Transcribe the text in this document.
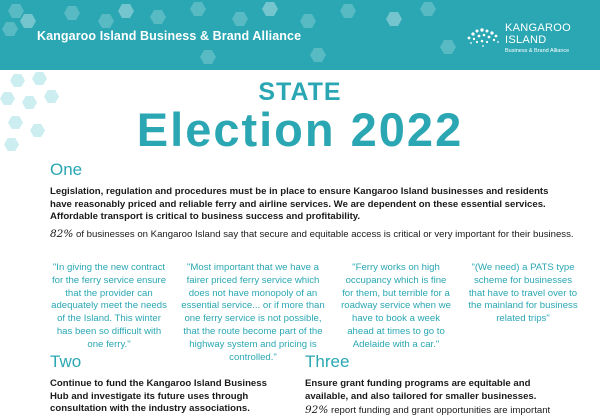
Kangaroo Island Business & Brand Alliance
KANGAROO
ISLAND
Business & Brand Alliance
STATE
Election 2022
One
Legislation, regulation and procedures must be in place to ensure Kangaroo Island businesses and residents have reasonably priced and reliable ferry and airline services. We are dependent on these essential services. Affordable transport is critical to business success and profitability.
82% of businesses on Kangaroo Island say that secure and equitable access is critical or very important for their business.
"In giving the new contract for the ferry service ensure that the provider can adequately meet the needs of the Island. This winter has been so difficult with one ferry."
"Most important that we have a fairer priced ferry service which does not have monopoly of an essential service... or if more than one ferry service is not possible, that the route become part of the highway system and pricing is controlled."
"Ferry works on high occupancy which is fine for them, but terrible for a roadway service when we have to book a week ahead at times to go to Adelaide with a car."
"(We need) a PATS type scheme for businesses that have to travel over to the mainland for business related trips"
Two
Continue to fund the Kangaroo Island Business Hub and investigate its future uses through consultation with the industry associations.
Three
Ensure grant funding programs are equitable and available, and also tailored for smaller businesses.
92% report funding and grant opportunities are important
